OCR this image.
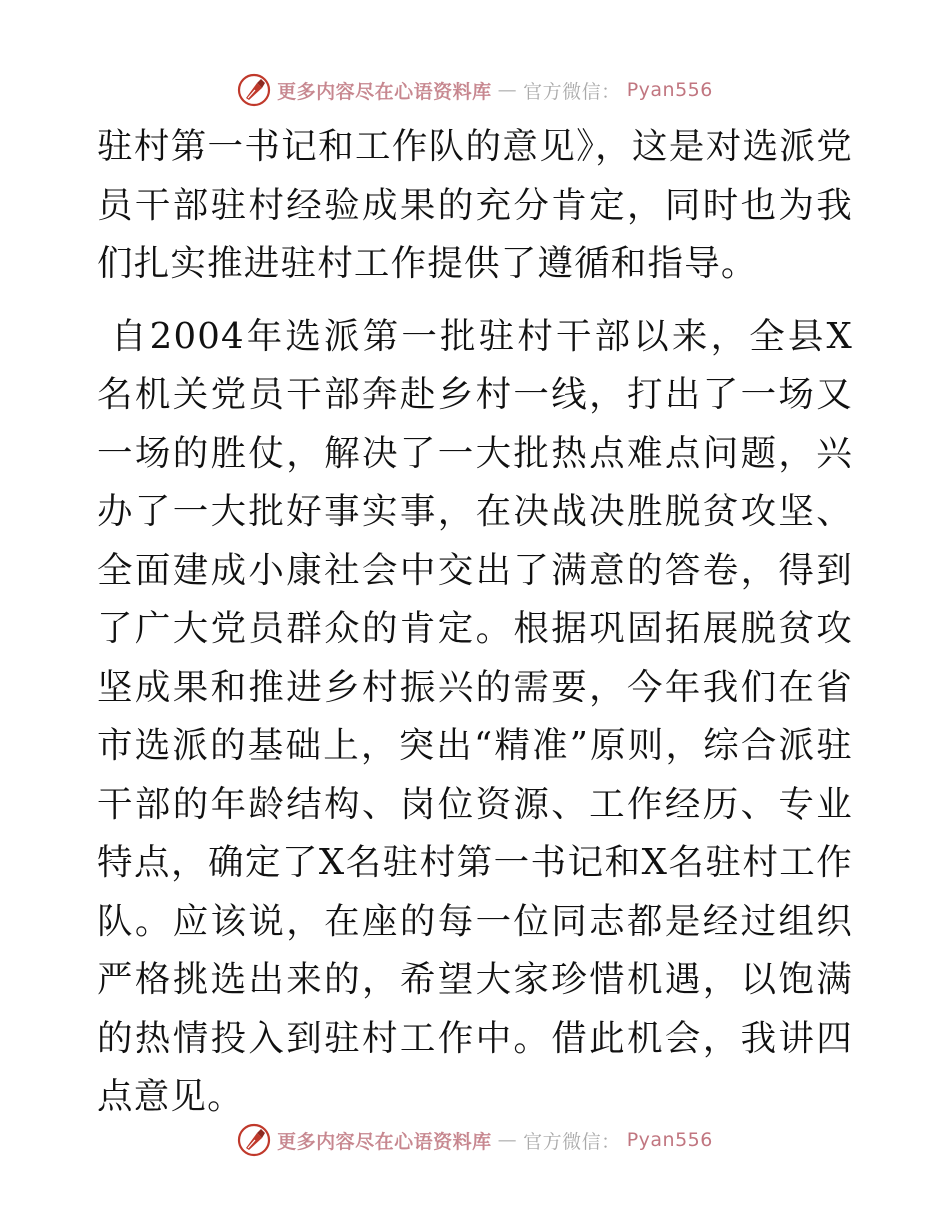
更多内容尽在心语资料库 — 官方微信： Pyan556

驻村第一书记和工作队的意见》，这是对选派党员干部驻村经验成果的充分肯定，同时也为我们扎实推进驻村工作提供了遵循和指导。

自2004年选派第一批驻村干部以来，全县X名机关党员干部奔赴乡村一线，打出了一场又一场的胜仗，解决了一大批热点难点问题，兴办了一大批好事实事，在决战决胜脱贫攻坚、全面建成小康社会中交出了满意的答卷，得到了广大党员群众的肯定。根据巩固拓展脱贫攻坚成果和推进乡村振兴的需要，今年我们在省市选派的基础上，突出“精准”原则，综合派驻干部的年龄结构、岗位资源、工作经历、专业特点，确定了X名驻村第一书记和X名驻村工作队。应该说，在座的每一位同志都是经过组织严格挑选出来的，希望大家珍惜机遇，以饱满的热情投入到驻村工作中。借此机会，我讲四点意见。

更多内容尽在心语资料库 — 官方微信： Pyan556
